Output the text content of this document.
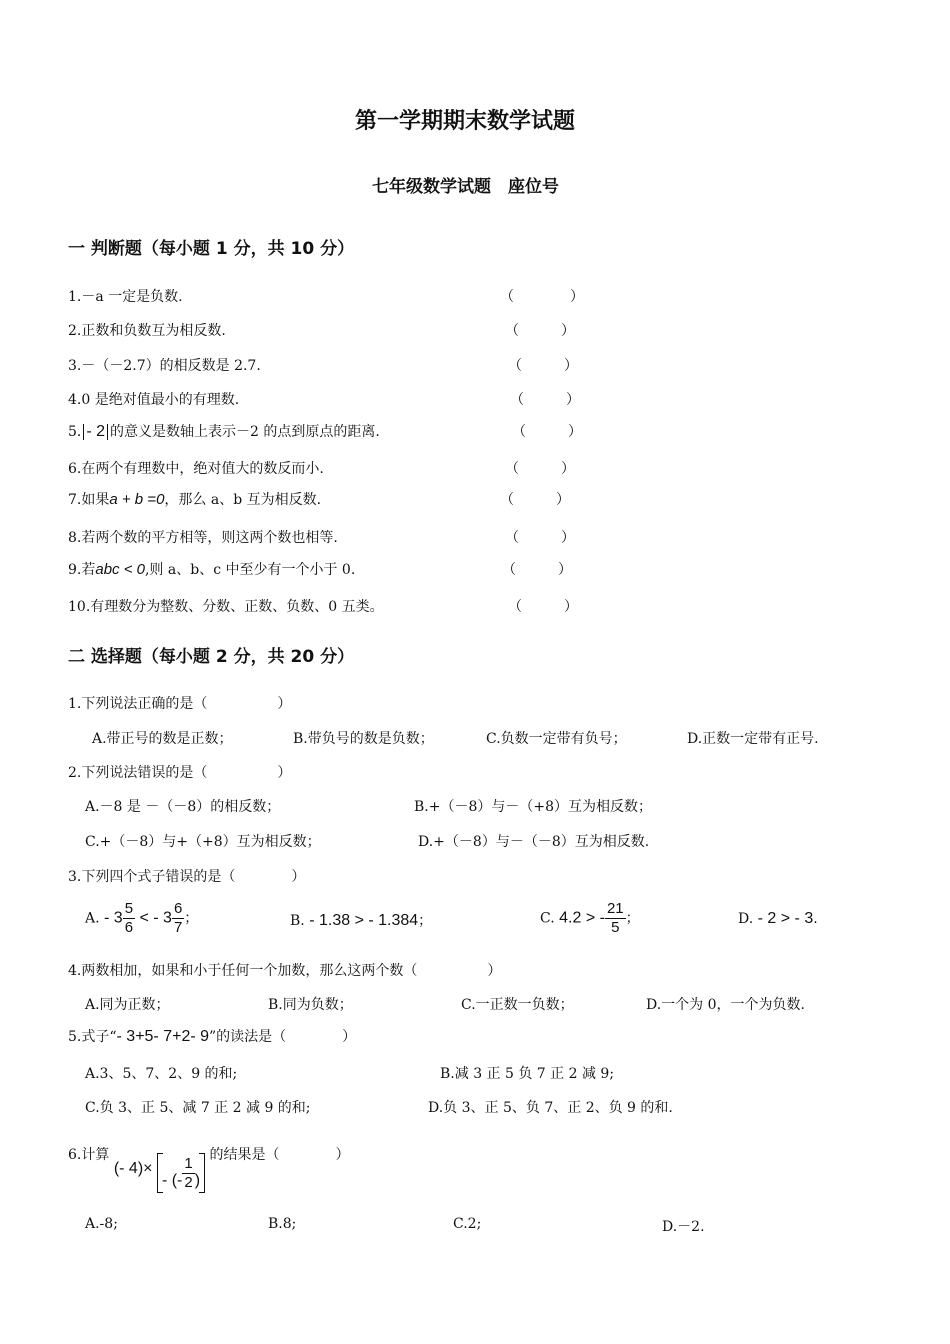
第一学期期末数学试题
七年级数学试题　座位号
一 判断题（每小题 1 分，共 10 分）
1.－a 一定是负数.	（　　　　）
2.正数和负数互为相反数.	（　　　）
3.－（－2.7）的相反数是 2.7.	（　　　）
4.0 是绝对值最小的有理数.	（　　　）
5. - 2 的意义是数轴上表示－2 的点到原点的距离.	（　　　）
6.在两个有理数中，绝对值大的数反而小.	（　　　）
7.如果a + b =0，那么 a、b 互为相反数.	（　　　）
8.若两个数的平方相等，则这两个数也相等.	（　　　）
9.若abc < 0,则 a、b、c 中至少有一个小于 0.	（　　　）
10.有理数分为整数、分数、正数、负数、0 五类。	（　　　）
二 选择题（每小题 2 分，共 20 分）
1.下列说法正确的是（　　　　　）
A.带正号的数是正数；	B.带负号的数是负数；	C.负数一定带有负号；	D.正数一定带有正号.
2.下列说法错误的是（　　　　　）
A.－8 是 －（－8）的相反数；	B.+（－8）与－（+8）互为相反数；
C.+（－8）与+（+8）互为相反数；	D.+（－8）与－（－8）互为相反数.
3.下列四个式子错误的是（　　　　）
A. - $3 \frac{5}{6}$ < - $3 \frac{6}{7}$ ；	B. - 1.38 > - 1.384；	C. 4.2 > - $\frac{21}{5}$ ；	D. - 2 > - 3.
4.两数相加，如果和小于任何一个加数，那么这两个数（　　　　　）
A.同为正数；	B.同为负数；	C.一正数一负数；	D.一个为 0，一个为负数.
5.式子“- 3+5- 7+2- 9”的读法是（　　　　）
A.3、5、7、2、9 的和;	B.减 3 正 5 负 7 正 2 减 9;
C.负 3、正 5、减 7 正 2 减 9 的和;	D.负 3、正 5、负 7、正 2、负 9 的和.
6.计算 (- 4)×
- (- $\frac{1}{2}$ ) 的结果是（　　　　）
A.-8;	B.8;	C.2;	D.－2.
